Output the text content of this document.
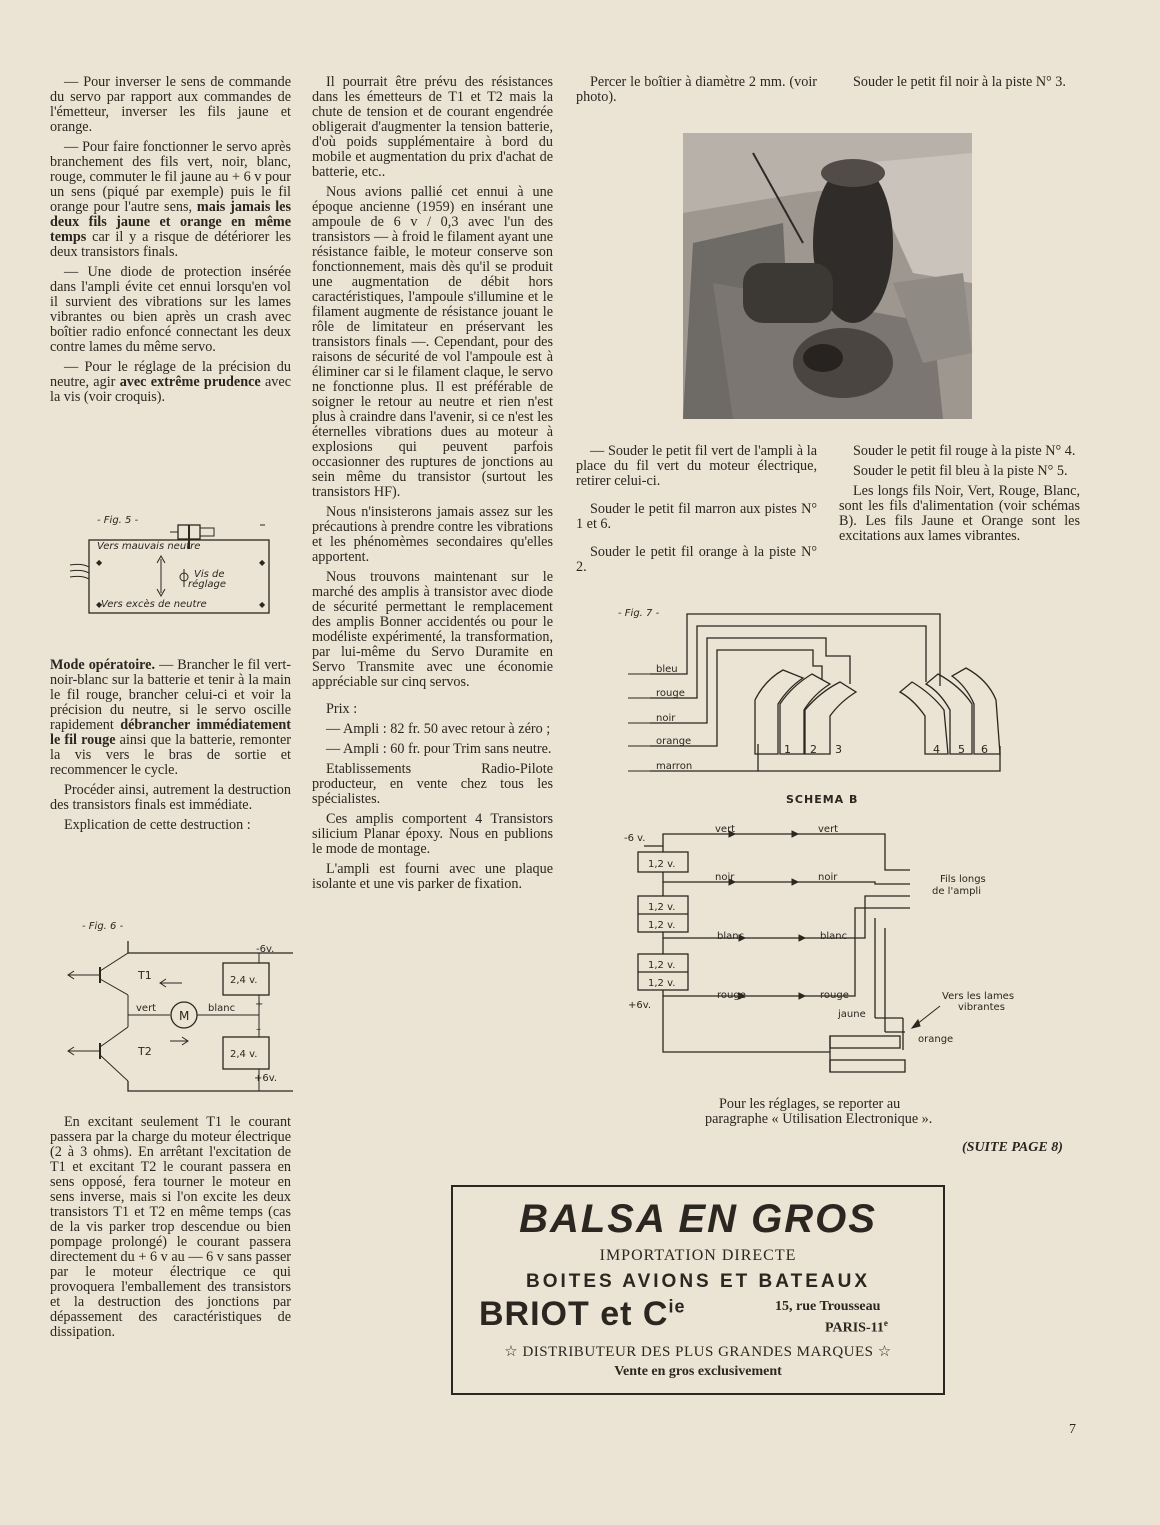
— Pour inverser le sens de commande du servo par rapport aux commandes de l'émetteur, inverser les fils jaune et orange.

— Pour faire fonctionner le servo après branchement des fils vert, noir, blanc, rouge, commuter le fil jaune au + 6 v pour un sens (piqué par exemple) puis le fil orange pour l'autre sens, mais jamais les deux fils jaune et orange en même temps car il y a risque de détériorer les deux transistors finals.

— Une diode de protection insérée dans l'ampli évite cet ennui lorsqu'en vol il survient des vibrations sur les lames vibrantes ou bien après un crash avec boîtier radio enfoncé connectant les deux contre lames du même servo.

— Pour le réglage de la précision du neutre, agir avec extrême prudence avec la vis (voir croquis).

- Fig. 5 -
Vers mauvais neutre
Vis de
réglage
Vers excès de neutre
◆	◆
◆	◆

Mode opératoire. — Brancher le fil vert-noir-blanc sur la batterie et tenir à la main le fil rouge, brancher celui-ci et voir la précision du neutre, si le servo oscille rapidement débrancher immédiatement le fil rouge ainsi que la batterie, remonter la vis vers le bras de sortie et recommencer le cycle.

Procéder ainsi, autrement la destruction des transistors finals est immédiate.

Explication de cette destruction :

- Fig. 6 -
T1
T2
M
vert	blanc
2,4 v.
2,4 v.
-6v.
+6v.
+
–

En excitant seulement T1 le courant passera par la charge du moteur électrique (2 à 3 ohms). En arrêtant l'excitation de T1 et excitant T2 le courant passera en sens opposé, fera tourner le moteur en sens inverse, mais si l'on excite les deux transistors T1 et T2 en même temps (cas de la vis parker trop descendue ou bien pompage prolongé) le courant passera directement du + 6 v au — 6 v sans passer par le moteur électrique ce qui provoquera l'emballement des transistors et la destruction des jonctions par dépassement des caractéristiques de dissipation.

Il pourrait être prévu des résistances dans les émetteurs de T1 et T2 mais la chute de tension et de courant engendrée obligerait d'augmenter la tension batterie, d'où poids supplémentaire à bord du mobile et augmentation du prix d'achat de batterie, etc..

Nous avions pallié cet ennui à une époque ancienne (1959) en insérant une ampoule de 6 v / 0,3 avec l'un des transistors — à froid le filament ayant une résistance faible, le moteur conserve son fonctionnement, mais dès qu'il se produit une augmentation de débit hors caractéristiques, l'ampoule s'illumine et le filament augmente de résistance jouant le rôle de limitateur en préservant les transistors finals —. Cependant, pour des raisons de sécurité de vol l'ampoule est à éliminer car si le filament claque, le servo ne fonctionne plus. Il est préférable de soigner le retour au neutre et rien n'est plus à craindre dans l'avenir, si ce n'est les éternelles vibrations dues au moteur à explosions qui peuvent parfois occasionner des ruptures de jonctions au sein même du transistor (surtout les transistors HF).

Nous n'insisterons jamais assez sur les précautions à prendre contre les vibrations et les phénomèmes secondaires qu'elles apportent.

Nous trouvons maintenant sur le marché des amplis à transistor avec diode de sécurité permettant le remplacement des amplis Bonner accidentés ou pour le modéliste expérimenté, la transformation, par lui-même du Servo Duramite en Servo Transmite avec une économie appréciable sur cinq servos.

Prix :

— Ampli : 82 fr. 50 avec retour à zéro ;

— Ampli : 60 fr. pour Trim sans neutre.

Etablissements Radio-Pilote producteur, en vente chez tous les spécialistes.

Ces amplis comportent 4 Transistors silicium Planar époxy. Nous en publions le mode de montage.

L'ampli est fourni avec une plaque isolante et une vis parker de fixation.

Percer le boîtier à diamètre 2 mm. (voir photo).

Souder le petit fil noir à la piste N° 3.

— Souder le petit fil vert de l'ampli à la place du fil vert du moteur électrique, retirer celui-ci.

Souder le petit fil marron aux pistes N° 1 et 6.

Souder le petit fil orange à la piste N° 2.

Souder le petit fil rouge à la piste N° 4.

Souder le petit fil bleu à la piste N° 5.

Les longs fils Noir, Vert, Rouge, Blanc, sont les fils d'alimentation (voir schémas B). Les fils Jaune et Orange sont les excitations aux lames vibrantes.

- Fig. 7 -
bleu
rouge
noir
orange
marron
1 2 3	4 5 6
SCHEMA B
-6 v.
+6v.
1,2 v.
1,2 v.
1,2 v.
1,2 v.
1,2 v.
vert	vert
noir	noir
blanc	blanc
rouge	rouge
jaune
orange
Fils longs
de l'ampli
Vers les lames
vibrantes

Pour les réglages, se reporter au paragraphe « Utilisation Electronique ».

(SUITE PAGE 8)
BALSA EN GROS
IMPORTATION DIRECTE
BOITES AVIONS ET BATEAUX
BRIOT et $C^{ie}$	15, rue Trousseau
PARIS-11e
☆ DISTRIBUTEUR DES PLUS GRANDES MARQUES ☆
Vente en gros exclusivement
7
